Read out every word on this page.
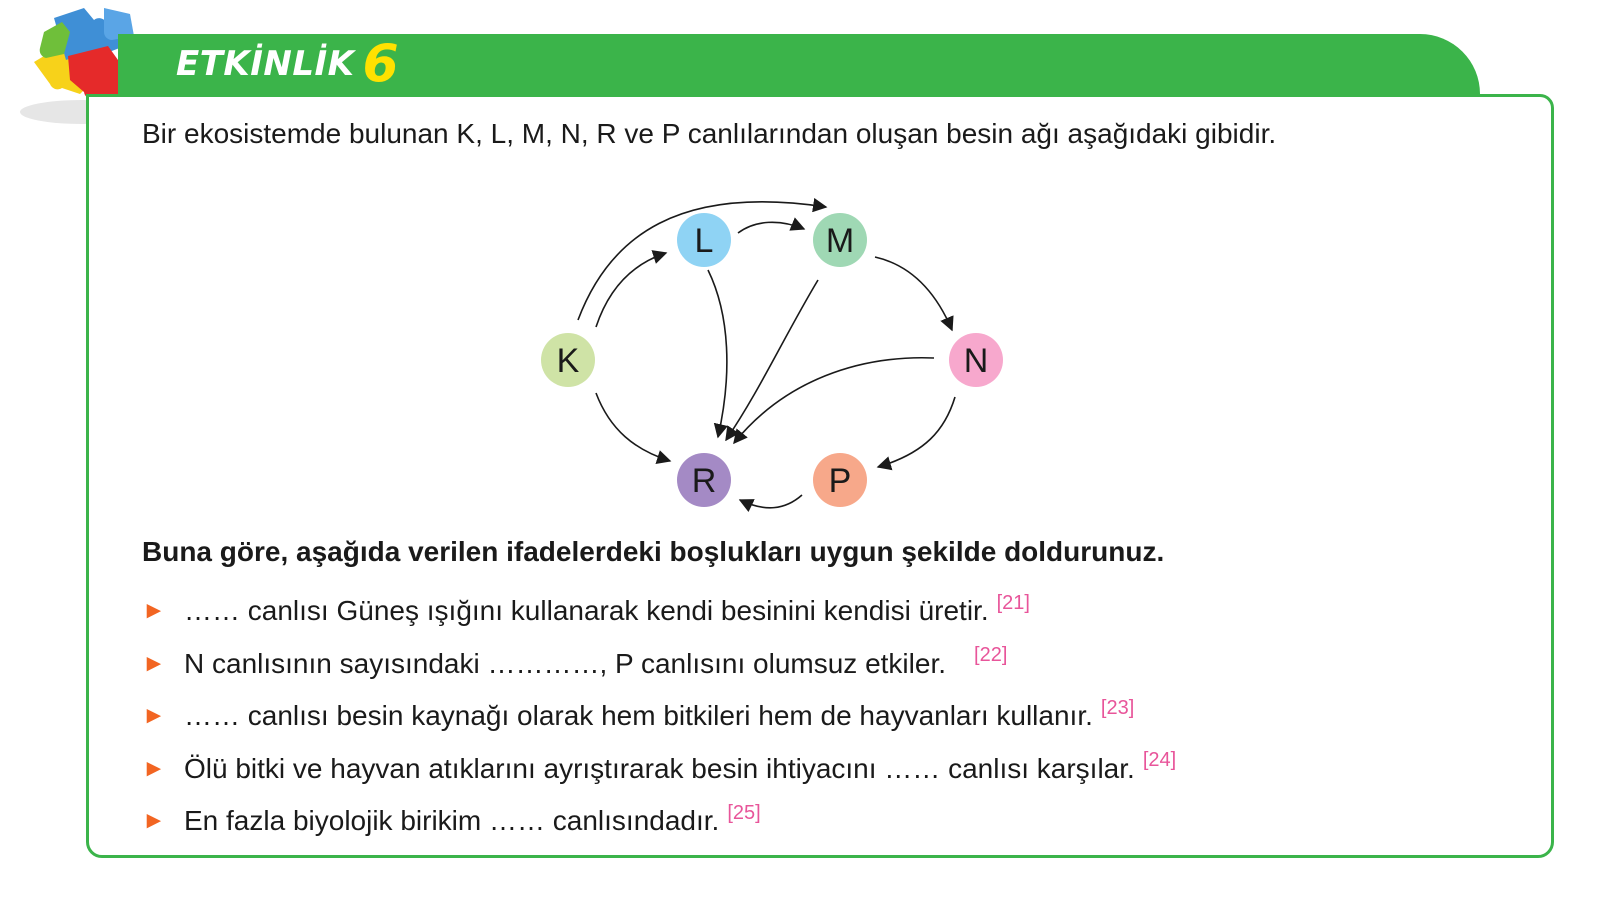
ETKİNLİK 6
Bir ekosistemde bulunan K, L, M, N, R ve P canlılarından oluşan besin ağı aşağıdaki gibidir.
K
L	M
N
R	P
Buna göre, aşağıda verilen ifadelerdeki boşlukları uygun şekilde doldurunuz.
► …… canlısı Güneş ışığını kullanarak kendi besinini kendisi üretir. [21]
► N canlısının sayısındaki …………, P canlısını olumsuz etkiler. [22]
► …… canlısı besin kaynağı olarak hem bitkileri hem de hayvanları kullanır. [23]
► Ölü bitki ve hayvan atıklarını ayrıştırarak besin ihtiyacını …… canlısı karşılar. [24]
► En fazla biyolojik birikim …… canlısındadır. [25]
